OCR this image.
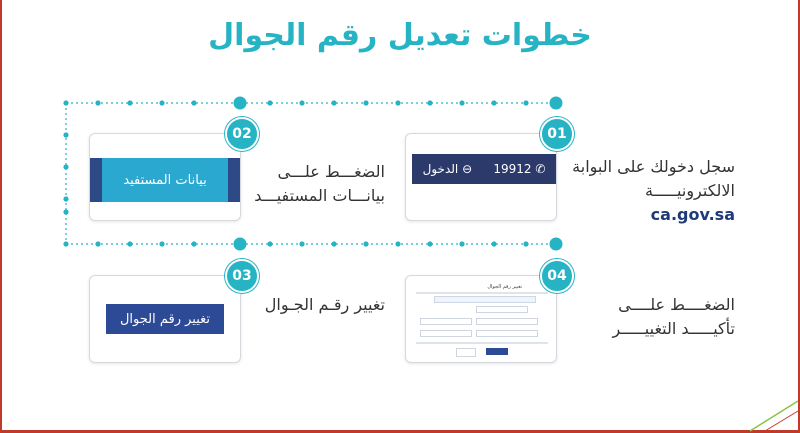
خطوات تعديل رقم الجوال
✆ 19912
⊖ الدخول
01
سجل دخولك على البوابة
الالكترونيـــــة ca.gov.sa
بيانات المستفيد
02
الضغـــط علـــى
بيانـــات المستفيـــد
تغيير رقم الجوال
03
تغيير رقـم الجـوال
تغيير رقم الجوال
04
الضغــــط علــــى
تأكيـــــد التغييـــــر
